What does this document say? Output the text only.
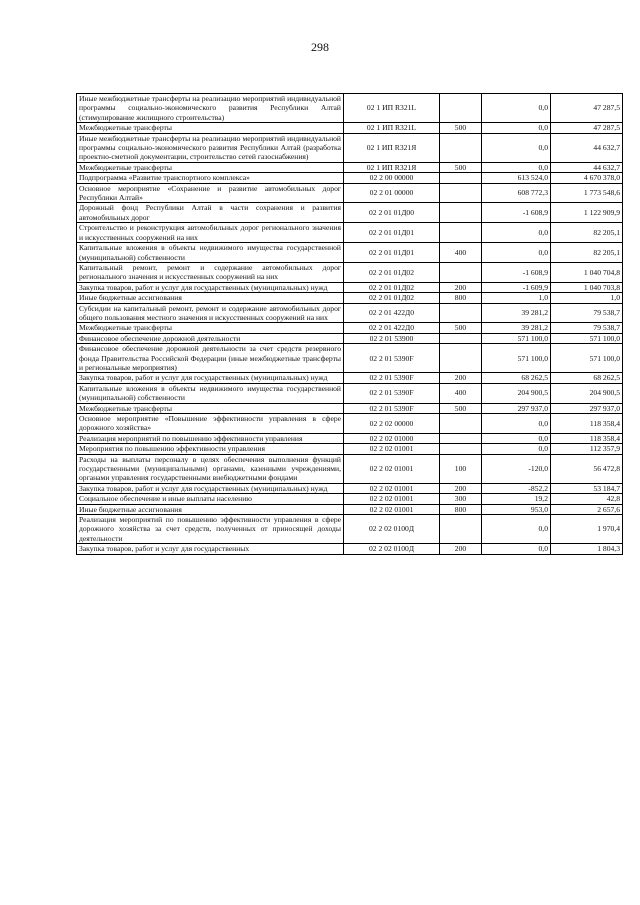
298
Иные межбюджетные трансферты на реализацию мероприятий индивидуальной программы социально-экономического развития Республики Алтай (стимулирование жилищного строительства)	02 1 ИП R321L		0,0	47 287,5
Межбюджетные трансферты	02 1 ИП R321L	500	0,0	47 287,5
Иные межбюджетные трансферты на реализацию мероприятий индивидуальной программы социально-экономического развития Республики Алтай (разработка проектно-сметной документации, строительство сетей газоснабжения)	02 1 ИП R321Я		0,0	44 632,7
Межбюджетные трансферты	02 1 ИП R321Я	500	0,0	44 632,7
Подпрограмма «Развитие транспортного комплекса»	02 2 00 00000		613 524,0	4 670 378,0
Основное мероприятие «Сохранение и развитие автомобильных дорог Республики Алтай»	02 2 01 00000		608 772,3	1 773 548,6
Дорожный фонд Республики Алтай в части сохранения и развития автомобильных дорог	02 2 01 01Д00		-1 608,9	1 122 909,9
Строительство и реконструкция автомобильных дорог регионального значения и искусственных сооружений на них	02 2 01 01Д01		0,0	82 205,1
Капитальные вложения в объекты недвижимого имущества государственной (муниципальной) собственности	02 2 01 01Д01	400	0,0	82 205,1
Капитальный ремонт, ремонт и содержание автомобильных дорог регионального значения и искусственных сооружений на них	02 2 01 01Д02		-1 608,9	1 040 704,8
Закупка товаров, работ и услуг для государственных (муниципальных) нужд	02 2 01 01Д02	200	-1 609,9	1 040 703,8
Иные бюджетные ассигнования	02 2 01 01Д02	800	1,0	1,0
Субсидии на капитальный ремонт, ремонт и содержание автомобильных дорог общего пользования местного значения и искусственных сооружений на них	02 2 01 422Д0		39 281,2	79 538,7
Межбюджетные трансферты	02 2 01 422Д0	500	39 281,2	79 538,7
Финансовое обеспечение дорожной деятельности	02 2 01 53900		571 100,0	571 100,0
Финансовое обеспечение дорожной деятельности за счет средств резервного фонда Правительства Российской Федерации (иные межбюджетные трансферты и региональные мероприятия)	02 2 01 5390F		571 100,0	571 100,0
Закупка товаров, работ и услуг для государственных (муниципальных) нужд	02 2 01 5390F	200	68 262,5	68 262,5
Капитальные вложения в объекты недвижимого имущества государственной (муниципальной) собственности	02 2 01 5390F	400	204 900,5	204 900,5
Межбюджетные трансферты	02 2 01 5390F	500	297 937,0	297 937,0
Основное мероприятие «Повышение эффективности управления в сфере дорожного хозяйства»	02 2 02 00000		0,0	118 358,4
Реализация мероприятий по повышению эффективности управления	02 2 02 01000		0,0	118 358,4
Мероприятия по повышению эффективности управления	02 2 02 01001		0,0	112 357,9
Расходы на выплаты персоналу в целях обеспечения выполнения функций государственными (муниципальными) органами, казенными учреждениями, органами управления государственными внебюджетными фондами	02 2 02 01001	100	-120,0	56 472,8
Закупка товаров, работ и услуг для государственных (муниципальных) нужд	02 2 02 01001	200	-852,2	53 184,7
Социальное обеспечение и иные выплаты населению	02 2 02 01001	300	19,2	42,8
Иные бюджетные ассигнования	02 2 02 01001	800	953,0	2 657,6
Реализация мероприятий по повышению эффективности управления в сфере дорожного хозяйства за счет средств, полученных от приносящей доходы деятельности	02 2 02 0100Д		0,0	1 970,4
Закупка товаров, работ и услуг для государственных	02 2 02 0100Д	200	0,0	1 804,3
